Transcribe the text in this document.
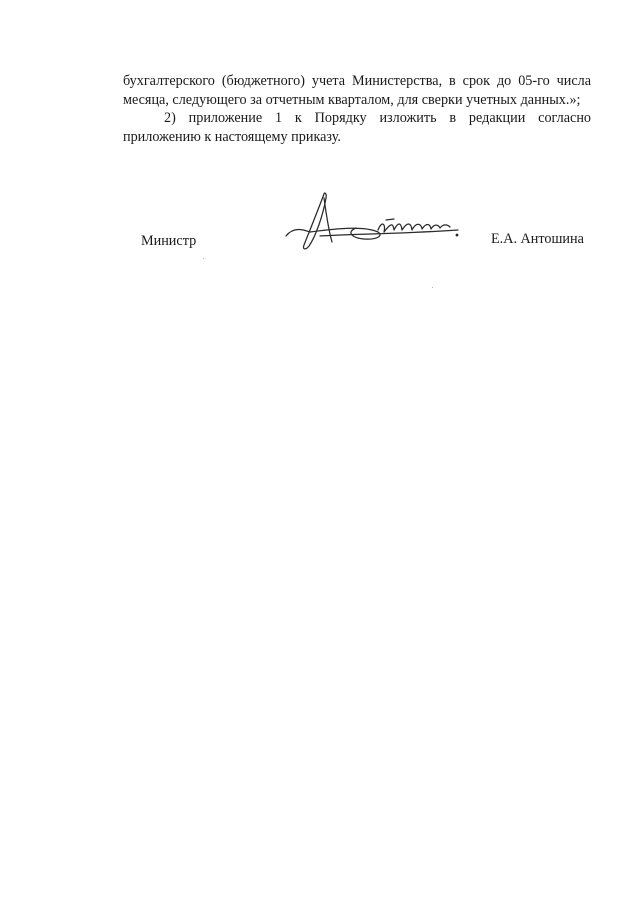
бухгалтерского (бюджетного) учета Министерства, в срок до 05-го числа месяца, следующего за отчетным кварталом, для сверки учетных данных.»;

2) приложение 1 к Порядку изложить в редакции согласно приложению к настоящему приказу.

Министр	Е.А. Антошина
